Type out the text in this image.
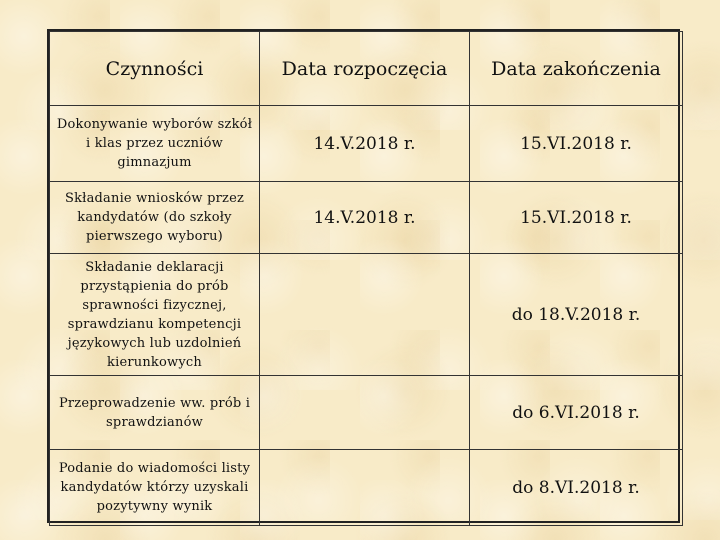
Czynności	Data rozpoczęcia	Data zakończenia
Dokonywanie wyborów szkół i klas przez uczniów gimnazjum	14.V.2018 r.	15.VI.2018 r.
Składanie wniosków przez kandydatów (do szkoły pierwszego wyboru)	14.V.2018 r.	15.VI.2018 r.
Składanie deklaracji przystąpienia do prób sprawności fizycznej, sprawdzianu kompetencji językowych lub uzdolnień kierunkowych		do 18.V.2018 r.
Przeprowadzenie ww. prób i sprawdzianów		do 6.VI.2018 r.
Podanie do wiadomości listy kandydatów którzy uzyskali pozytywny wynik		do 8.VI.2018 r.
